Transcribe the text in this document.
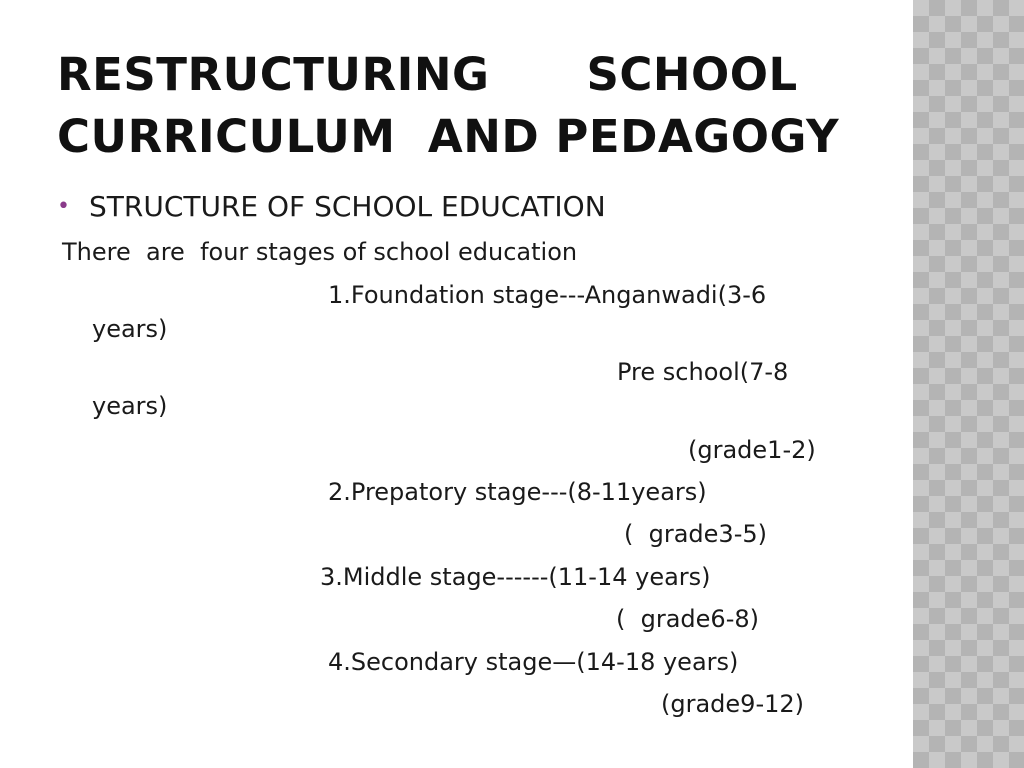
RESTRUCTURING      SCHOOL
CURRICULUM  AND PEDAGOGY
• STRUCTURE OF SCHOOL EDUCATION
There  are  four stages of school education
1.Foundation stage---Anganwadi(3-6
years)
Pre school(7-8
years)
(grade1-2)
2.Prepatory stage---(8-11years)
(  grade3-5)
3.Middle stage------(11-14 years)
(  grade6-8)
4.Secondary stage—(14-18 years)
(grade9-12)
